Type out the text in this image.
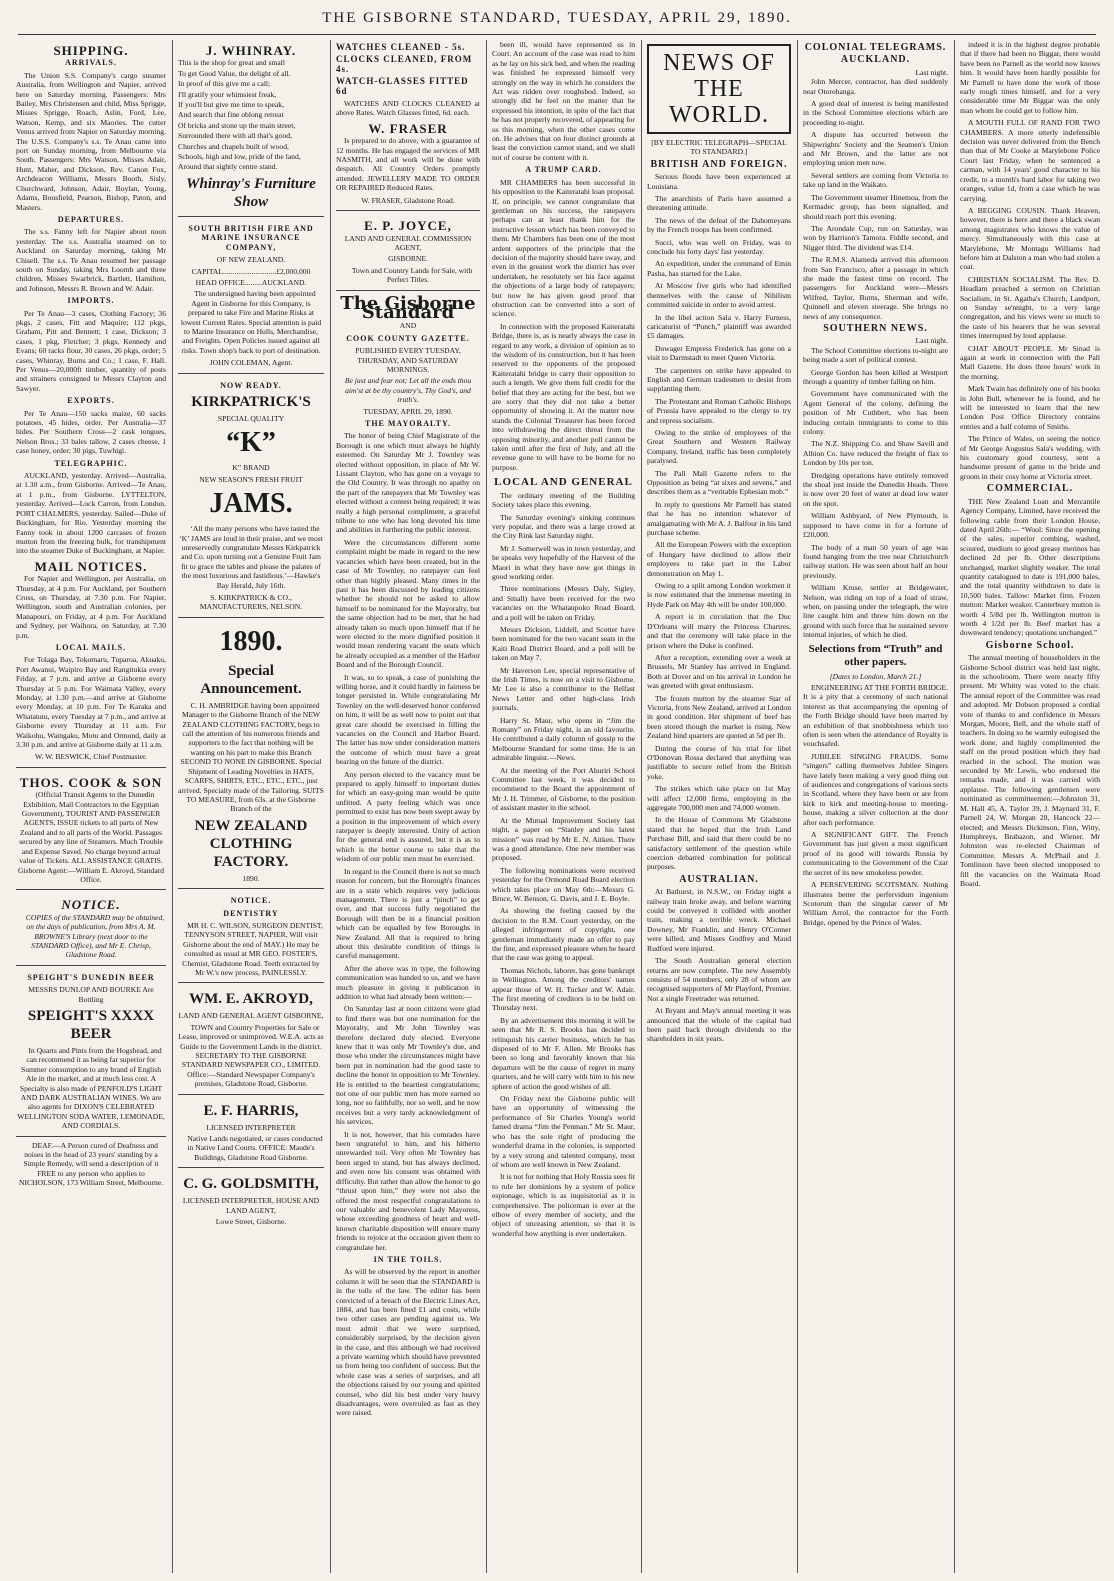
THE GISBORNE STANDARD, TUESDAY, APRIL 29, 1890.
SHIPPING.
ARRIVALS.

The Union S.S. Company's cargo steamer Australia, from Wellington and Napier, arrived here on Saturday morning. Passengers: Mrs Bailey, Mrs Christensen and child, Miss Sprigge, Misses Sprigge, Roach, Aslin, Ford, Lee, Watson, Kemp, and six Maories. The cutter Venus arrived from Napier on Saturday morning. The U.S.S. Company's s.s. Te Anau came into port on Sunday morning, from Melbourne via South. Passengers: Mrs Watson, Misses Adair, Hunt, Maher, and Dickson, Rev. Canon Fox, Archdeacon Williams, Messrs Booth, Sisly, Churchward, Johnson, Adair, Boylan, Young, Adams, Bousfield, Pearson, Bishop, Paton, and Masters.

DEPARTURES.

The s.s. Fanny left for Napier about noon yesterday. The s.s. Australia steamed on to Auckland on Saturday morning, taking Mr Chisell. The s.s. Te Anau resumed her passage south on Sunday, taking Mrs Loomb and three children, Misses Swarbrick, Bartlett, Hamilton, and Johnson, Messrs R. Brown and W. Adair.

IMPORTS.

Per Te Anau—3 cases, Clothing Factory; 36 pkgs, 2 cases, Fitt and Maquire; 112 pkgs, Graham, Pitt and Bennett; 1 case, Dickson; 3 cases, 1 pkg, Fletcher; 3 pkgs, Kennedy and Evans; 60 racks flour, 30 cases, 26 pkgs, order; 5 cases, Whinray, Burns and Co.; 1 case, F. Hall. Per Venus—20,000ft timber, quantity of posts and strainers consigned to Messrs Clayton and Sawyer.

EXPORTS.

Per Te Anau—150 sacks maize, 60 sacks potatoes, 45 hides, order. Per Australia—37 hides. Per Southern Cross—2 cask tongues, Nelson Bros.; 33 bales tallow, 2 cases cheese, 1 case honey, order; 30 pigs, Tuwhigi.

TELEGRAPHIC.

AUCKLAND, yesterday. Arrived—Australia, at 1.30 a.m., from Gisborne. Arrived—Te Anau, at 1 p.m., from Gisborne. LYTTELTON, yesterday. Arrived—Lock Carron, from London. PORT CHALMERS, yesterday. Sailed—Duke of Buckingham, for Rio. Yesterday morning the Fanny took in about 1200 carcases of frozen mutton from the freezing bulk, for transhipment into the steamer Duke of Buckingham, at Napier.

MAIL NOTICES.

For Napier and Wellington, per Australia, on Thursday, at 4 p.m. For Auckland, per Southern Cross, on Thursday, at 7.30 p.m. For Napier, Wellington, south and Australian colonies, per Manapouri, on Friday, at 4 p.m. For Auckland and Sydney, per Waihora, on Saturday, at 7.30 p.m.

LOCAL MAILS.

For Tolaga Bay, Tokomaru, Tuparoa, Akuaku, Port Awanui, Waipiro Bay and Rangitukia every Friday, at 7 p.m. and arrive at Gisborne every Thursday at 5 p.m. For Waimata Valley, every Monday, at 1.30 p.m.—and arrive at Gisborne every Monday, at 10 p.m. For Te Karaka and Whatatutu, every Tuesday at 7 p.m., and arrive at Gisborne every Thursday at 11 a.m. For Waikohu, Waingaku, Motu and Ormond, daily at 3.30 p.m. and arrive at Gisborne daily at 11 a.m.

W. W. BESWICK, Chief Postmaster.
THOS. COOK & SON

(Official Transit Agents to the Dunedin Exhibition, Mail Contractors to the Egyptian Government), TOURIST AND PASSENGER AGENTS, ISSUE tickets to all parts of New Zealand and to all parts of the World. Passages secured by any line of Steamers. Much Trouble and Expense Saved. No charge beyond actual value of Tickets. ALL ASSISTANCE GRATIS. Gisborne Agent:—William E. Akroyd, Standard Office.

NOTICE.

COPIES of the STANDARD may be obtained, on the days of publication, from Mrs A. M. BROWNE'S Library (next door to the STANDARD Office), and Mr E. Chrisp, Gladstone Road.

SPEIGHT'S DUNEDIN BEER
MESSRS DUNLOP AND BOURKE Are Bottling
SPEIGHT'S XXXX BEER

In Quarts and Pints from the Hogshead, and can recommend it as being far superior for Summer consumption to any brand of English Ale in the market, and at much less cost. A Specialty is also made of PENFOLD'S LIGHT AND DARK AUSTRALIAN WINES. We are also agents for DIXON'S CELEBRATED WELLINGTON SODA WATER, LEMONADE, AND CORDIALS.

DEAF.—A Person cured of Deafness and noises in the head of 23 years' standing by a Simple Remedy, will send a description of it FREE to any person who applies to NICHOLSON, 173 William Street, Melbourne.

J. WHINRAY.
This is the shop for great and small
To get Good Value, the delight of all.
In proof of this give me a call;
I'll gratify your whimsiest freak,
If you'll but give me time to speak,
And search that fine oblong retreat
Of bricks and stone up the main street,
Surrounded there with all that's good,
Churches and chapels built of wood,
Schools, high and low, pride of the land,
Around that sightly centre stand.
Whinray's Furniture Show
SOUTH BRITISH FIRE AND MARINE INSURANCE COMPANY,
OF NEW ZEALAND.
CAPITAL............................£2,000,000
HEAD OFFICE.........AUCKLAND.

The undersigned having been appointed Agent in Gisborne for this Company, is prepared to take Fire and Marine Risks at lowest Current Rates. Special attention is paid to Marine Insurance on Hulls, Merchandise, and Freights. Open Policies issued against all risks. Town shop's back to port of destination.

JOHN COLEMAN, Agent.
NOW READY.
KIRKPATRICK'S
SPECIAL QUALITY
“K”
K” BRAND
NEW SEASON'S FRESH FRUIT
JAMS.

‘All the many persons who have tasted the ‘K’ JAMS are loud in their praise, and we most unreservedly congratulate Messrs Kirkpatrick and Co. upon turning out a Genuine Fruit Jam fit to grace the tables and please the palates of the most luxurious and fastidious.’—Hawke's Bay Herald, July 16th.

S. KIRKPATRICK & CO., MANUFACTURERS, NELSON.
1890.
Special Announcement.

C. H. AMBRIDGE having been appointed Manager to the Gisborne Branch of the NEW ZEALAND CLOTHING FACTORY, begs to call the attention of his numerous friends and supporters to the fact that nothing will be wanting on his part to make this Branch SECOND TO NONE IN GISBORNE. Special Shipment of Leading Novelties in HATS, SCARFS, SHIRTS, ETC., ETC., ETC., just arrived. Specialty made of the Tailoring. SUITS TO MEASURE, from 63s. at the Gisborne Branch of the

NEW ZEALAND CLOTHING FACTORY.
1890.
NOTICE.
DENTISTRY

MR H. C. WILSON, SURGEON DENTIST, TENNYSON STREET, NAPIER, Will visit Gisborne about the end of MAY.) He may be consulted as usual at MR GEO. FOSTER'S, Chemist, Gladstone Road. Teeth extracted by Mr W.'s new process, PAINLESSLY.

WM. E. AKROYD,
LAND AND GENERAL AGENT GISBORNE,

TOWN and Country Properties for Sale or Lease, improved or unimproved. W.E.A. acts as Guide to the Government Lands in the district. SECRETARY TO THE GISBORNE STANDARD NEWSPAPER CO., LIMITED. Office:—Standard Newspaper Company's premises, Gladstone Road, Gisborne.

E. F. HARRIS,
LICENSED INTERPRETER

Native Lands negotiated, or cases conducted in Native Land Courts. OFFICE: Maude's Buildings, Gladstone Road Gisborne.

C. G. GOLDSMITH,
LICENSED INTERPRETER, HOUSE AND LAND AGENT,
Lowe Street, Gisborne.
WATCHES CLEANED - 5s.
CLOCKS CLEANED, FROM 4s.
WATCH-GLASSES FITTED 6d

WATCHES AND CLOCKS CLEANED at above Rates. Watch Glasses fitted, 6d. each.

W. FRASER

Is prepared to do above, with a guarantee of 12 months. He has engaged the services of MR NASMITH, and all work will be done with despatch. All Country Orders promptly attended. JEWELLERY MADE TO ORDER OR REPAIRED Reduced Rates.

W. FRASER, Gladstone Road.
E. P. JOYCE,
LAND AND GENERAL COMMISSION AGENT,
GISBORNE.

Town and Country Lands for Sale, with Perfect Titles.

The Gisborne Standard
AND
COOK COUNTY GAZETTE.
PUBLISHED EVERY TUESDAY, THURSDAY, AND SATURDAY MORNINGS.
Be just and fear not; Let all the ends thou aim'st at be thy country's, Thy God's, and truth's.
TUESDAY, APRIL 29, 1890.
THE MAYORALTY.

The honor of being Chief Magistrate of the Borough is one which must always be highly esteemed. On Saturday Mr J. Townley was elected without opposition, in place of Mr W. Lissant Clayton, who has gone on a voyage to the Old Country. It was through no apathy on the part of the ratepayers that Mr Townley was elected without a contest being required; it was really a high personal compliment, a graceful tribute to one who has long devoted his time and abilities in furthering the public interest.

Were the circumstances different some complaint might be made in regard to the new vacancies which have been created, but in the case of Mr Townley, no ratepayer can feel other than highly pleased. Many times in the past it has been discussed by leading citizens whether he should not be asked to allow himself to be nominated for the Mayoralty, but the same objection had to be met, that he had already taken so much upon himself that if he were elected to the more dignified position it would mean rendering vacant the seats which he already occupied as a member of the Harbor Board and of the Borough Council.

It was, so to speak, a case of punishing the willing horse, and it could hardly in fairness be longer persisted in. While congratulating Mr Townley on the well-deserved honor conferred on him, it will be as well now to point out that great care should be exercised in filling the vacancies on the Council and Harbor Board. The latter has now under consideration matters the outcome of which must have a great bearing on the future of the district.

Any person elected to the vacancy must be prepared to apply himself to important duties for which an easy-going man would be quite unfitted. A party feeling which was once permitted to exist has now been swept away by a position in the improvement of which every ratepayer is deeply interested. Unity of action for the general end is assured, but it is as to which is the better course to take that the wisdom of our public men must be exercised.

In regard to the Council there is not so much reason for concern, but the Borough's finances are in a state which requires very judicious management. There is just a “pinch” to get over, and that success fully negotiated the Borough will then be in a financial position which can be equalled by few Boroughs in New Zealand. All that is required to bring about this desirable condition of things is careful management.

After the above was in type, the following communication was handed to us, and we have much pleasure in giving it publication in addition to what had already been written:—

On Saturday last at noon citizens were glad to find there was but one nomination for the Mayoralty, and Mr John Townley was therefore declared duly elected. Everyone knew that it was only Mr Townley's due, and those who under the circumstances might have been put in nomination had the good taste to decline the honor in opposition to Mr Townley. He is entitled to the heartiest congratulations; not one of our public men has more earned so long, nor so faithfully, nor so well, and he now receives but a very tardy acknowledgment of his services.

It is not, however, that his comrades have been ungrateful to him, and his hitherto unrewarded toil. Very often Mr Townley has been urged to stand, but has always declined, and even now his consent was obtained with difficulty. But rather than allow the honor to go “thrust upon him,” they were not also the offered the most respectful congratulations to our valuable and benevolent Lady Mayoress, whose exceeding goodness of heart and well-known charitable disposition will ensure many friends to rejoice at the occasion given them to congratulate her.

IN THE TOILS.

As will be observed by the report in another column it will be seen that the STANDARD is in the toils of the law. The editor has been convicted of a breach of the Electric Lines Act, 1884, and has been fined £1 and costs, while two other cases are pending against us. We must admit that we were surprised, considerably surprised, by the decision given in the case, and this although we had received a private warning which should have prevented us from being too confident of success. But the whole case was a series of surprises, and all the objections raised by our young and spirited counsel, who did his best under very heavy disadvantages, were overruled as fast as they were raised.

been ill, would have represented us in Court. An account of the case was read to him as he lay on his sick bed, and when the reading was finished he expressed himself very strongly on the way in which he considers the Act was ridden over roughshod. Indeed, so strongly did he feel on the matter that he expressed his intention, in spite of the fact that he has not properly recovered, of appearing for us this morning, when the other cases come on. He advises that on four distinct grounds at least the conviction cannot stand, and we shall not of course be content with it.

A TRUMP CARD.

MR CHAMBERS has been successful in his opposition to the Kaiteratahi loan proposal. If, on principle, we cannot congratulate that gentleman on his success, the ratepayers perhaps can at least thank him for the instructive lesson which has been conveyed to them. Mr Chambers has been one of the most ardent supporters of the principle that the decision of the majority should have sway, and even in the greatest work the district has ever undertaken, he resolutely set his face against the objections of a large body of ratepayers; but now he has given good proof that obstruction can be converted into a sort of science.

In connection with the proposed Kaiteratahi Bridge, there is, as is nearly always the case in regard to any work, a division of opinion as to the wisdom of its construction, but it has been reserved to the opponents of the proposed Kaiteratahi bridge to carry their opposition to such a length. We give them full credit for the belief that they are acting for the best, but we are sorry that they did not take a better opportunity of showing it. At the matter now stands the Colonial Treasurer has been forced into withdrawing the direct threat from the opposing minority, and another poll cannot be taken until after the first of July, and all the revenue gone to will have to be borne for no purpose.

LOCAL AND GENERAL

The ordinary meeting of the Building Society takes place this evening.

The Saturday evening's sinking continues very popular, and there was a large crowd at the City Rink last Saturday night.

Mr J. Somerwell was in town yesterday, and he speaks very hopefully of the Harvest of the Maori in what they have now got things in good working order.

Three nominations (Messrs Daly, Sigley, and Small) have been received for the two vacancies on the Whataupoko Road Board, and a poll will be taken on Friday.

Messrs Dickson, Liddell, and Scotter have been nominated for the two vacant seats in the Kaiti Road District Board, and a poll will be taken on May 7.

Mr Haverson Lee, special representative of the Irish Times, is now on a visit to Gisborne. Mr Lee is also a contributor to the Belfast News Letter and other high-class Irish journals.

Harry St. Maur, who opens in “Jim the Romany” on Friday night, is an old favourite. He contributed a daily column of gossip to the Melbourne Standard for some time. He is an admirable linguist.—News.

At the meeting of the Port Ahuriri School Committee last week, it was decided to recommend to the Board the appointment of Mr J. H. Trimmer, of Gisborne, to the position of assistant master in the school.

At the Mutual Improvement Society last night, a paper on “Stanley and his latest mission” was read by Mr E. N. Aitken. There was a good attendance. One new member was proposed.

The following nominations were received yesterday for the Ormond Road Board election which takes place on May 6th:—Messrs G. Bruce, W. Benson, G. Davis, and J. E. Boyle.

As showing the feeling caused by the decision to the R.M. Court yesterday, on the alleged infringement of copyright, one gentleman immediately made an offer to pay the fine, and expressed pleasure when he heard that the case was going to appeal.

Thomas Nichols, laborer, has gone bankrupt in Wellington. Among the creditors' names appear those of W. H. Tucker and W. Adair. The first meeting of creditors is to be held on Thursday next.

By an advertisement this morning it will be seen that Mr R. S. Brooks has decided to relinquish his carrier business, which he has disposed of to Mr F. Allen. Mr Brooks has been so long and favorably known that his departure will be the cause of regret in many quarters, and he will carry with him to his new sphere of action the good wishes of all.

On Friday next the Gisborne public will have an opportunity of witnessing the performance of Sir Charles Young's world famed drama “Jim the Penman.” Mr St. Maur, who has the sole right of producing the wonderful drama in the colonies, is supported by a very strong and talented company, most of whom are well known in New Zealand.

It is not for nothing that Holy Russia sees fit to rule her dominions by a system of police espionage, which is as inquisitorial as it is comprehensive. The policeman is ever at the elbow of every member of society, and the object of unceasing attention, so that it is wonderful how anything is ever undertaken.

NEWS OF THE WORLD.
[BY ELECTRIC TELEGRAPH—SPECIAL TO STANDARD.]
BRITISH AND FOREIGN.

Serious floods have been experienced at Louisiana.

The anarchists of Paris have assumed a threatening attitude.

The news of the defeat of the Dahomeyans by the French troops has been confirmed.

Succi, who was well on Friday, was to conclude his forty days' fast yesterday.

An expedition, under the command of Emin Pasha, has started for the Lake.

At Moscow five girls who had identified themselves with the cause of Nihilism committed suicide in order to avoid arrest.

In the libel action Sala v. Harry Furness, caricaturist of “Punch,” plaintiff was awarded £5 damages.

Dowager Empress Frederick has gone on a visit to Darmstadt to meet Queen Victoria.

The carpenters on strike have appealed to English and German tradesmen to desist from supplanting them.

The Protestant and Roman Catholic Bishops of Prussia have appealed to the clergy to try and repress socialism.

Owing to the strike of employees of the Great Southern and Western Railway Company, Ireland, traffic has been completely paralysed.

The Pall Mall Gazette refers to the Opposition as being “at sixes and sevens,” and describes them as a “veritable Ephesian mob.”

In reply to questions Mr Parnell has stated that he has no intention whatever of amalgamating with Mr A. J. Balfour in his land purchase scheme.

All the European Powers with the exception of Hungary have declined to allow their employees to take part in the Labor demonstration on May 1.

Owing to a split among London workmen it is now estimated that the immense meeting in Hyde Park on May 4th will be under 100,000.

A report is in circulation that the Duc D'Orleans will marry the Princess Chartres, and that the ceremony will take place in the prison where the Duke is confined.

After a reception, extending over a week at Brussels, Mr Stanley has arrived in England. Both at Dover and on his arrival in London he was greeted with great enthusiasm.

The frozen mutton by the steamer Star of Victoria, from New Zealand, arrived at London in good condition. Her shipment of beef has been stored though the market is rising. New Zealand hind quarters are quoted at 5d per lb.

During the course of his trial for libel O'Donovan Rossa declared that anything was justifiable to secure relief from the British yoke.

The strikes which take place on 1st May will affect 12,000 firms, employing in the aggregate 700,000 men and 74,000 women.

In the House of Commons Mr Gladstone stated that he hoped that the Irish Land Purchase Bill, and said that there could be no satisfactory settlement of the question while coercion debarred combination for political purposes.

AUSTRALIAN.

At Bathurst, in N.S.W., on Friday night a railway train broke away, and before warning could be conveyed it collided with another train, making a terrible wreck. Michael Downey, Mr Franklin, and Henry O'Conner were killed, and Misses Godfrey and Maud Rudford were injured.

The South Australian general election returns are now complete. The new Assembly consists of 54 members, only 28 of whom are recognised supporters of Mr Playford, Premier. Not a single Freetrader was returned.

At Bryant and May's annual meeting it was announced that the whole of the capital had been paid back through dividends to the shareholders in six years.

COLONIAL TELEGRAMS.
AUCKLAND.
Last night.

John Mercer, contractor, has died suddenly near Otorohanga.

A good deal of interest is being manifested in the School Committee elections which are proceeding to-night.

A dispute has occurred between the Shipwrights' Society and the Seamen's Union and Mr Brown, and the latter are not employing union men now.

Several settlers are coming from Victoria to take up land in the Waikato.

The Government steamer Hinemoa, from the Kermadec group, has been signalled, and should reach port this evening.

The Arondale Cup, run on Saturday, was won by Harrison's Tamora. Fiddle second, and Nigger third. The dividend was £14.

The R.M.S. Alameda arrived this afternoon from San Francisco, after a passage in which she made the fastest time on record. The passengers for Auckland were—Messrs Wilfred, Taylor, Burns, Sherman and wife, Quinnell and eleven steerage. She brings no news of any consequence.

SOUTHERN NEWS.
Last night.

The School Committee elections to-night are being made a sort of political contest.

George Gordon has been killed at Westport through a quantity of timber falling on him.

Government have communicated with the Agent General of the colony, defining the position of Mr Cuthbert, who has been inducing certain immigrants to come to this colony.

The N.Z. Shipping Co. and Shaw Savill and Albion Co. have reduced the freight of flax to London by 10s per ton.

Dredging operations have entirely removed the shoal just inside the Dunedin Heads. There is now over 20 feet of water at dead low water on the spot.

William Ashbyard, of New Plymouth, is supposed to have come in for a fortune of £20,000.

The body of a man 50 years of age was found hanging from the tree near Christchurch railway station. He was seen about half an hour previously.

William Kruse, settler at Bridgewater, Nelson, was riding on top of a load of straw, when, on passing under the telegraph, the wire line caught him and threw him down on the ground with such force that he sustained severe internal injuries, of which he died.

Selections from “Truth” and other papers.
[Dates to London, March 21.]

ENGINEERING AT THE FORTH BRIDGE. It is a pity that a ceremony of such national interest as that accompanying the opening of the Forth Bridge should have been marred by an exhibition of that snobbishness which too often is seen when the attendance of Royalty is vouchsafed.

JUBILEE SINGING FRAUDS. Some “singers” calling themselves Jubilee Singers have lately been making a very good thing out of audiences and congregations of various sects in Scotland, where they have been or are from kirk to kirk and meeting-house to meeting-house, making a silver collection at the door after each performance.

A SIGNIFICANT GIFT. The French Government has just given a most significant proof of its good will towards Russia by communicating to the Government of the Czar the secret of its new smokeless powder.

A PERSEVERING SCOTSMAN. Nothing illustrates better the perfervidum ingenium Scotorum than the singular career of Mr William Arrol, the contractor for the Forth Bridge, opened by the Prince of Wales.

indeed it is in the highest degree probable that if there had been no Biggar, there would have been no Parnell as the world now knows him. It would have been hardly possible for Mr Parnell to have done the work of those early rough times himself, and for a very considerable time Mr Biggar was the only man whom he could get to follow him.

A MOUTH FULL OF RAND FOR TWO CHAMBERS. A more utterly indefensible decision was never delivered from the Bench than that of Mr Cooke at Marylebone Police Court last Friday, when he sentenced a carman, with 14 years' good character to his credit, to a month's hard labor for taking two oranges, value 1d, from a case which he was carrying.

A BEGGING COUSIN. Thank Heaven, however, there is here and there a black swan among magistrates who knows the value of mercy. Simultaneously with this case at Marylebone, Mr Montagu Williams had before him at Dalston a man who had stolen a coat.

CHRISTIAN SOCIALISM. The Rev. D. Headlam preached a sermon on Christian Socialism, in St. Agatha's Church, Landport, on Sunday se'nnight, to a very large congregation, and his views were so much to the taste of his hearers that he was several times interrupted by loud applause.

CHAT ABOUT PEOPLE. Mr Sinad is again at work in connection with the Pall Mall Gazette. He does three hours' work in the morning.

Mark Twain has definitely one of his books in John Bull, whenever he is found, and he will be interested to learn that the new London Post Office Directory contains entries and a half column of Smiths.

The Prince of Wales, on seeing the notice of Mr George Augustus Sala's wedding, with his customary good courtesy, sent a handsome present of game to the bride and groom in their cosy home at Victoria street.

COMMERCIAL.

THE New Zealand Loan and Mercantile Agency Company, Limited, have received the following cable from their London House, dated April 26th:— “Wool: Since the opening of the sales, superior combing, washed, scoured, medium to good greasy merinos has declined 2d per lb. Other descriptions unchanged, market slightly weaker. The total quantity catalogued to date is 191,000 bales, and the total quantity withdrawn to date is 10,500 bales. Tallow: Market firm. Frozen mutton: Market weaker. Canterbury mutton is worth 4 5/8d per lb. Wellington mutton is worth 4 1/2d per lb. Beef market has a downward tendency; quotations unchanged.”

Gisborne School.

The annual meeting of householders in the Gisborne School district was held last night, in the schoolroom. There were nearly fifty present. Mr Whitty was voted to the chair. The annual report of the Committee was read and adopted. Mr Dobson proposed a cordial vote of thanks to and confidence in Messrs Morgan, Moore, Bell, and the whole staff of teachers. In doing so he warmly eulogised the work done, and highly complimented the staff on the proud position which they had reached in the school. The motion was seconded by Mr Lewis, who endorsed the remarks made, and it was carried with applause. The following gentlemen were nominated as committeemen:—Johnston 31, M. Hall 45, A. Taylor 39, J. Maynard 31, F. Parnell 24, W. Morgan 28, Hancock 22—elected; and Messrs Dickinson, Finn, Witty, Humphreys, Brabazon, and Wiener. Mr Johnston was re-elected Chairman of Committee. Messrs A. McPhail and J. Tomlinson have been elected unopposed to fill the vacancies on the Waimata Road Board.
